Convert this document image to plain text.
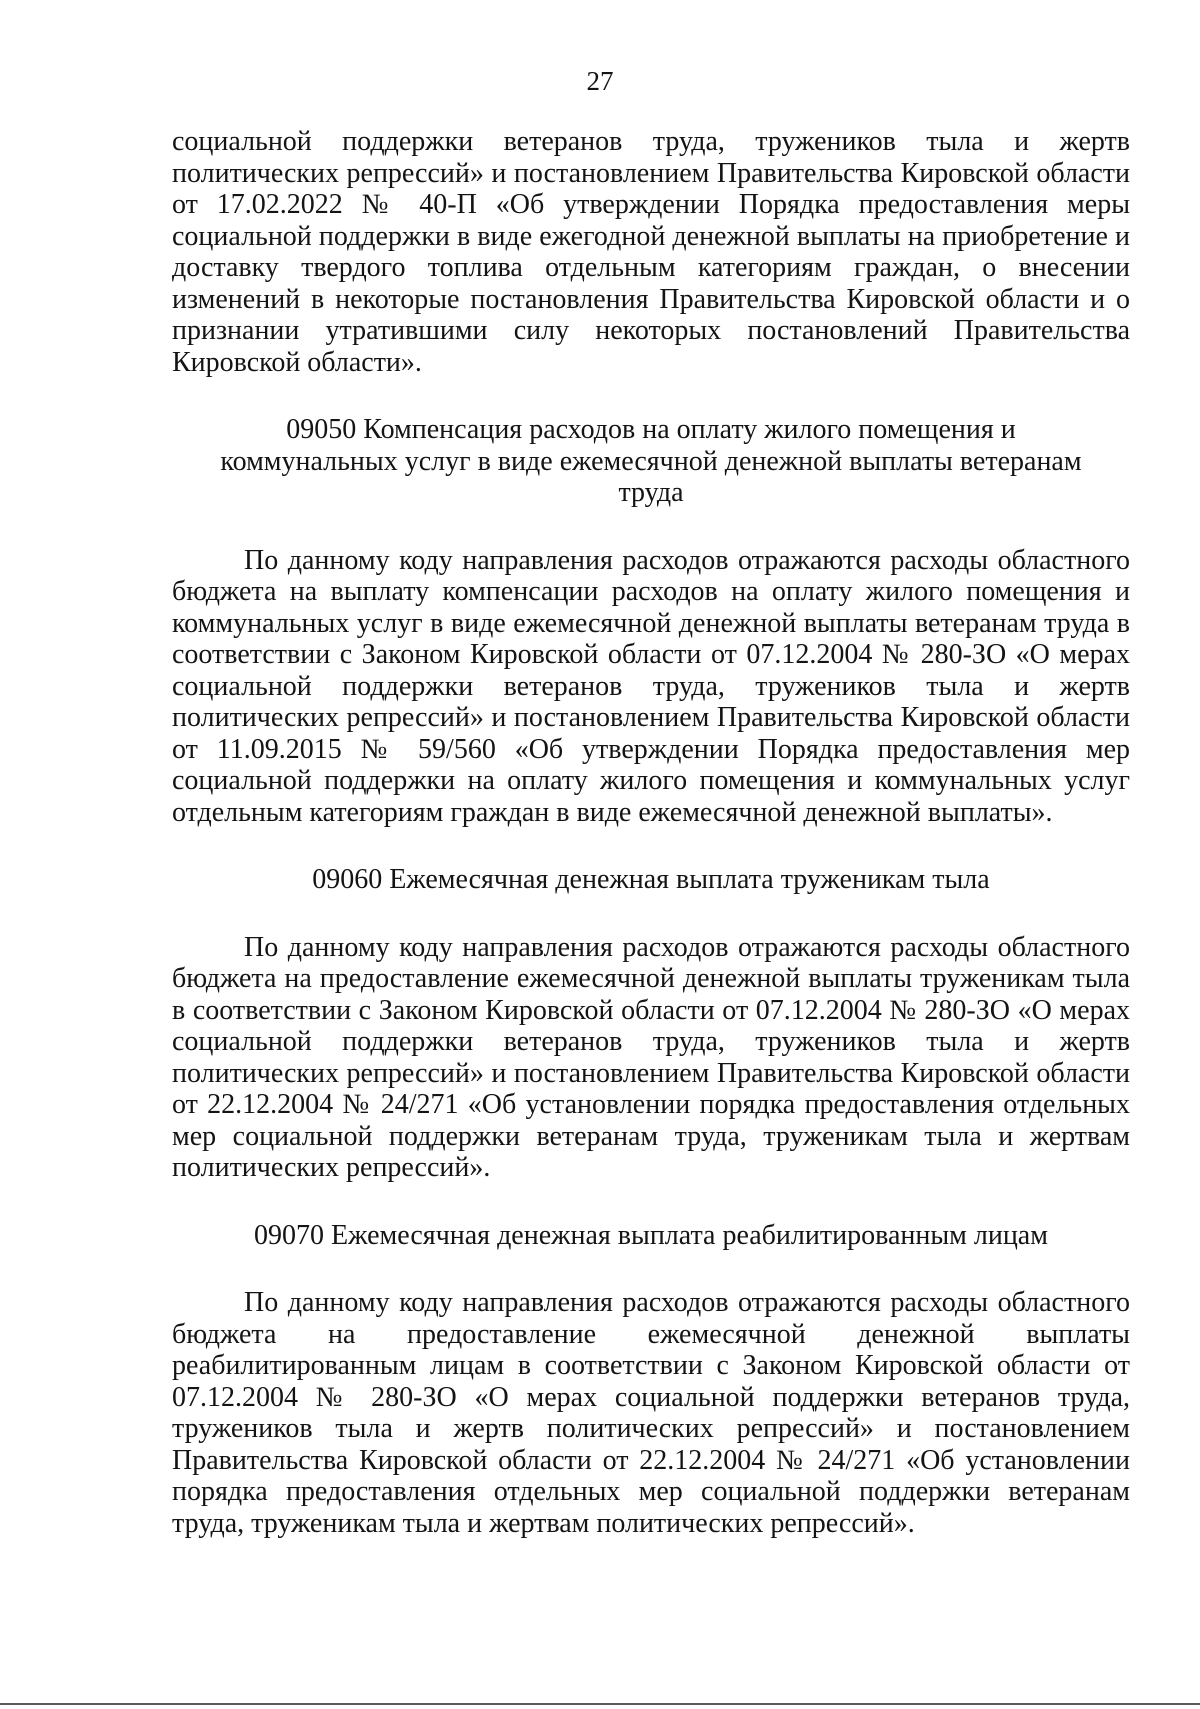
27

социальной поддержки ветеранов труда, тружеников тыла и жертв политических репрессий» и постановлением Правительства Кировской области от 17.02.2022 № 40-П «Об утверждении Порядка предоставления меры социальной поддержки в виде ежегодной денежной выплаты на приобретение и доставку твердого топлива отдельным категориям граждан, о внесении изменений в некоторые постановления Правительства Кировской области и о признании утратившими силу некоторых постановлений Правительства Кировской области».

09050 Компенсация расходов на оплату жилого помещения и коммунальных услуг в виде ежемесячной денежной выплаты ветеранам труда

По данному коду направления расходов отражаются расходы областного бюджета на выплату компенсации расходов на оплату жилого помещения и коммунальных услуг в виде ежемесячной денежной выплаты ветеранам труда в соответствии с Законом Кировской области от 07.12.2004 № 280-ЗО «О мерах социальной поддержки ветеранов труда, тружеников тыла и жертв политических репрессий» и постановлением Правительства Кировской области от 11.09.2015 № 59/560 «Об утверждении Порядка предоставления мер социальной поддержки на оплату жилого помещения и коммунальных услуг отдельным категориям граждан в виде ежемесячной денежной выплаты».

09060 Ежемесячная денежная выплата труженикам тыла

По данному коду направления расходов отражаются расходы областного бюджета на предоставление ежемесячной денежной выплаты труженикам тыла в соответствии с Законом Кировской области от 07.12.2004 № 280-ЗО «О мерах социальной поддержки ветеранов труда, тружеников тыла и жертв политических репрессий» и постановлением Правительства Кировской области от 22.12.2004 № 24/271 «Об установлении порядка предоставления отдельных мер социальной поддержки ветеранам труда, труженикам тыла и жертвам политических репрессий».

09070 Ежемесячная денежная выплата реабилитированным лицам

По данному коду направления расходов отражаются расходы областного бюджета на предоставление ежемесячной денежной выплаты реабилитированным лицам в соответствии с Законом Кировской области от 07.12.2004 № 280-ЗО «О мерах социальной поддержки ветеранов труда, тружеников тыла и жертв политических репрессий» и постановлением Правительства Кировской области от 22.12.2004 № 24/271 «Об установлении порядка предоставления отдельных мер социальной поддержки ветеранам труда, труженикам тыла и жертвам политических репрессий».
